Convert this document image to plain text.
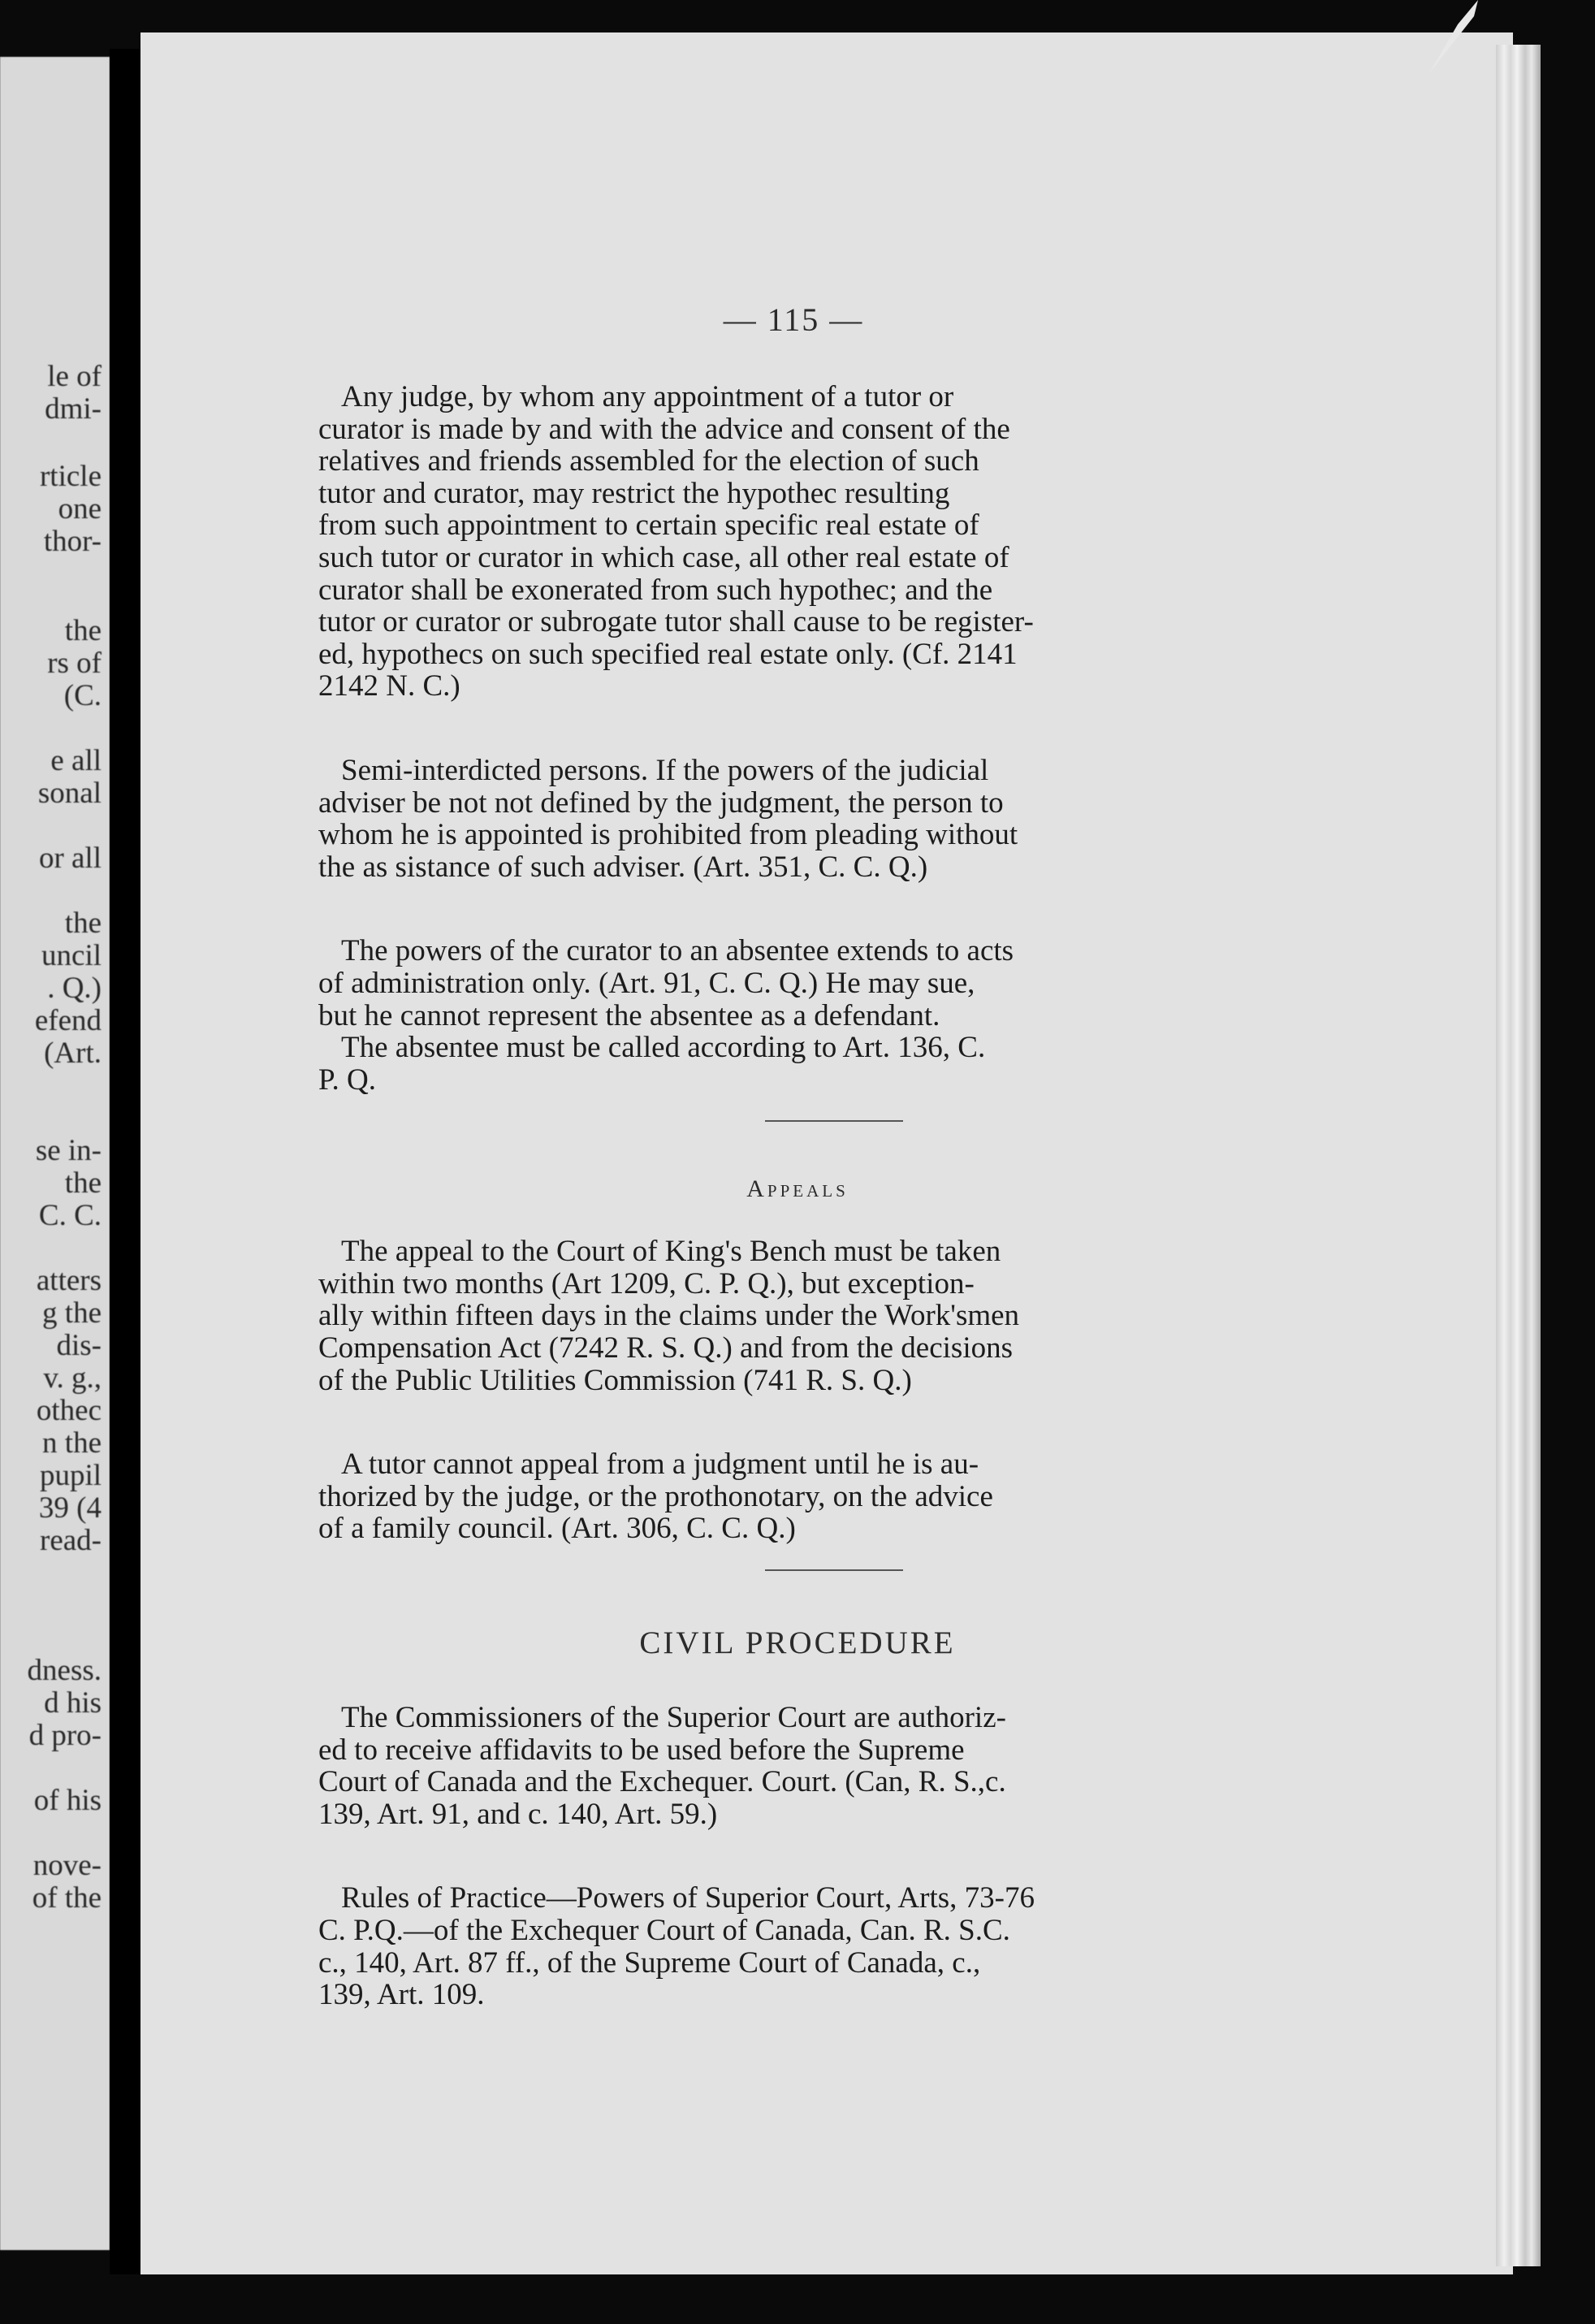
le of
dmi-
rticle
one
thor-
the
rs of
(C.
e all
sonal
or all
the
uncil
. Q.)
efend
(Art.
se in-
the
C. C.
atters
g the
dis-
v. g.,
othec
n the
pupil
39 (4
read-
dness.
d his
d pro-
of his
nove-
of the
— 115 —
Any judge, by whom any appointment of a tutor or
curator is made by and with the advice and consent of the
relatives and friends assembled for the election of such
tutor and curator, may restrict the hypothec resulting
from such appointment to certain specific real estate of
such tutor or curator in which case, all other real estate of
curator shall be exonerated from such hypothec; and the
tutor or curator or subrogate tutor shall cause to be register-
ed, hypothecs on such specified real estate only. (Cf. 2141
2142 N. C.)
Semi-interdicted persons. If the powers of the judicial
adviser be not not defined by the judgment, the person to
whom he is appointed is prohibited from pleading without
the as sistance of such adviser. (Art. 351, C. C. Q.)
The powers of the curator to an absentee extends to acts
of administration only. (Art. 91, C. C. Q.) He may sue,
but he cannot represent the absentee as a defendant.
The absentee must be called according to Art. 136, C.
P. Q.
Appeals
The appeal to the Court of King's Bench must be taken
within two months (Art 1209, C. P. Q.), but exception-
ally within fifteen days in the claims under the Work'smen
Compensation Act (7242 R. S. Q.) and from the decisions
of the Public Utilities Commission (741 R. S. Q.)
A tutor cannot appeal from a judgment until he is au-
thorized by the judge, or the prothonotary, on the advice
of a family council. (Art. 306, C. C. Q.)
CIVIL PROCEDURE
The Commissioners of the Superior Court are authoriz-
ed to receive affidavits to be used before the Supreme
Court of Canada and the Exchequer. Court. (Can, R. S.,c.
139, Art. 91, and c. 140, Art. 59.)
Rules of Practice—Powers of Superior Court, Arts, 73-76
C. P.Q.—of the Exchequer Court of Canada, Can. R. S.C.
c., 140, Art. 87 ff., of the Supreme Court of Canada, c.,
139, Art. 109.
